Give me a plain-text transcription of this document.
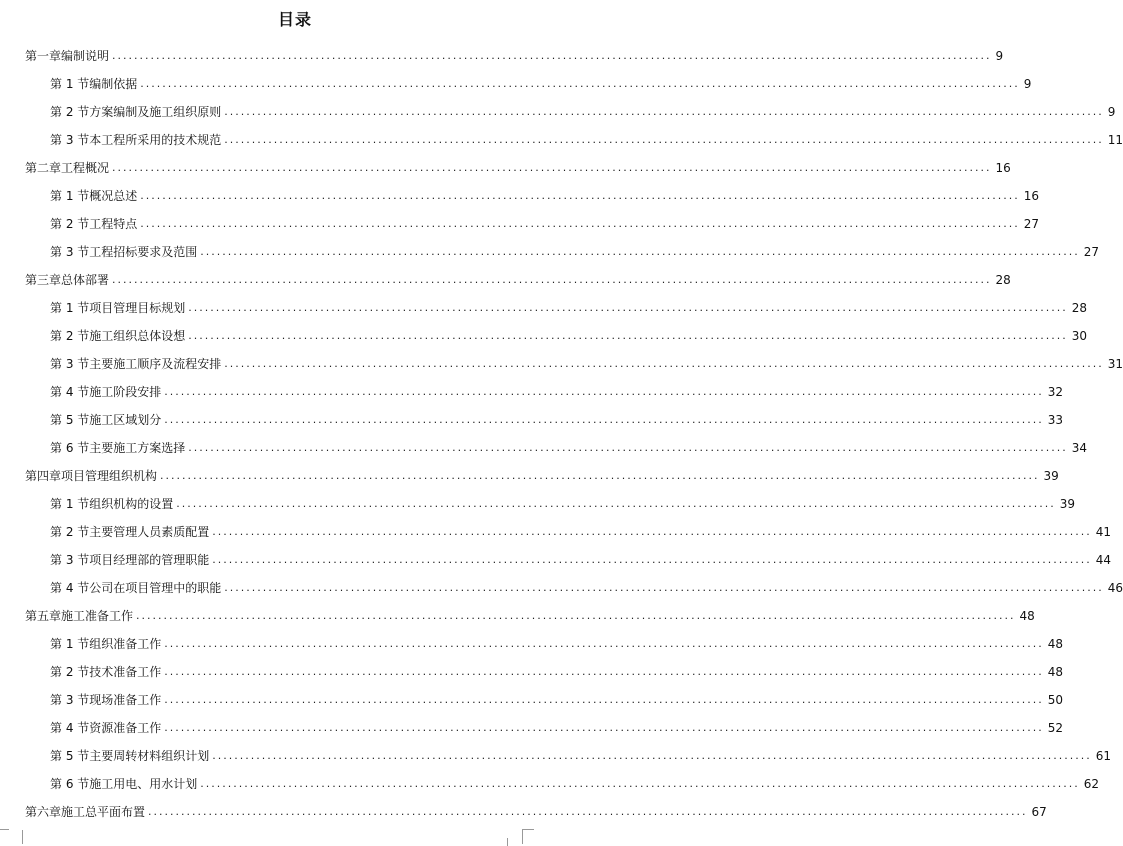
目录
第一章 编制说明 ................................................................................................................................................................ 9
第 1 节 编制依据 ................................................................................................................................................................ 9
第 2 节 方案编制及施工组织原则 ................................................................................................................................................................ 9
第 3 节 本工程所采用的技术规范 ................................................................................................................................................................ 11
第二章 工程概况 ................................................................................................................................................................ 16
第 1 节 概况总述 ................................................................................................................................................................ 16
第 2 节 工程特点 ................................................................................................................................................................ 27
第 3 节 工程招标要求及范围 ................................................................................................................................................................ 27
第三章 总体部署 ................................................................................................................................................................ 28
第 1 节 项目管理目标规划 ................................................................................................................................................................ 28
第 2 节 施工组织总体设想 ................................................................................................................................................................ 30
第 3 节 主要施工顺序及流程安排 ................................................................................................................................................................ 31
第 4 节 施工阶段安排 ................................................................................................................................................................ 32
第 5 节 施工区域划分 ................................................................................................................................................................ 33
第 6 节 主要施工方案选择 ................................................................................................................................................................ 34
第四章 项目管理组织机构 ................................................................................................................................................................ 39
第 1 节 组织机构的设置 ................................................................................................................................................................ 39
第 2 节 主要管理人员素质配置 ................................................................................................................................................................ 41
第 3 节 项目经理部的管理职能 ................................................................................................................................................................ 44
第 4 节 公司在项目管理中的职能 ................................................................................................................................................................ 46
第五章 施工准备工作 ................................................................................................................................................................ 48
第 1 节 组织准备工作 ................................................................................................................................................................ 48
第 2 节 技术准备工作 ................................................................................................................................................................ 48
第 3 节 现场准备工作 ................................................................................................................................................................ 50
第 4 节 资源准备工作 ................................................................................................................................................................ 52
第 5 节 主要周转材料组织计划 ................................................................................................................................................................ 61
第 6 节 施工用电、用水计划 ................................................................................................................................................................ 62
第六章 施工总平面布置 ................................................................................................................................................................ 67
